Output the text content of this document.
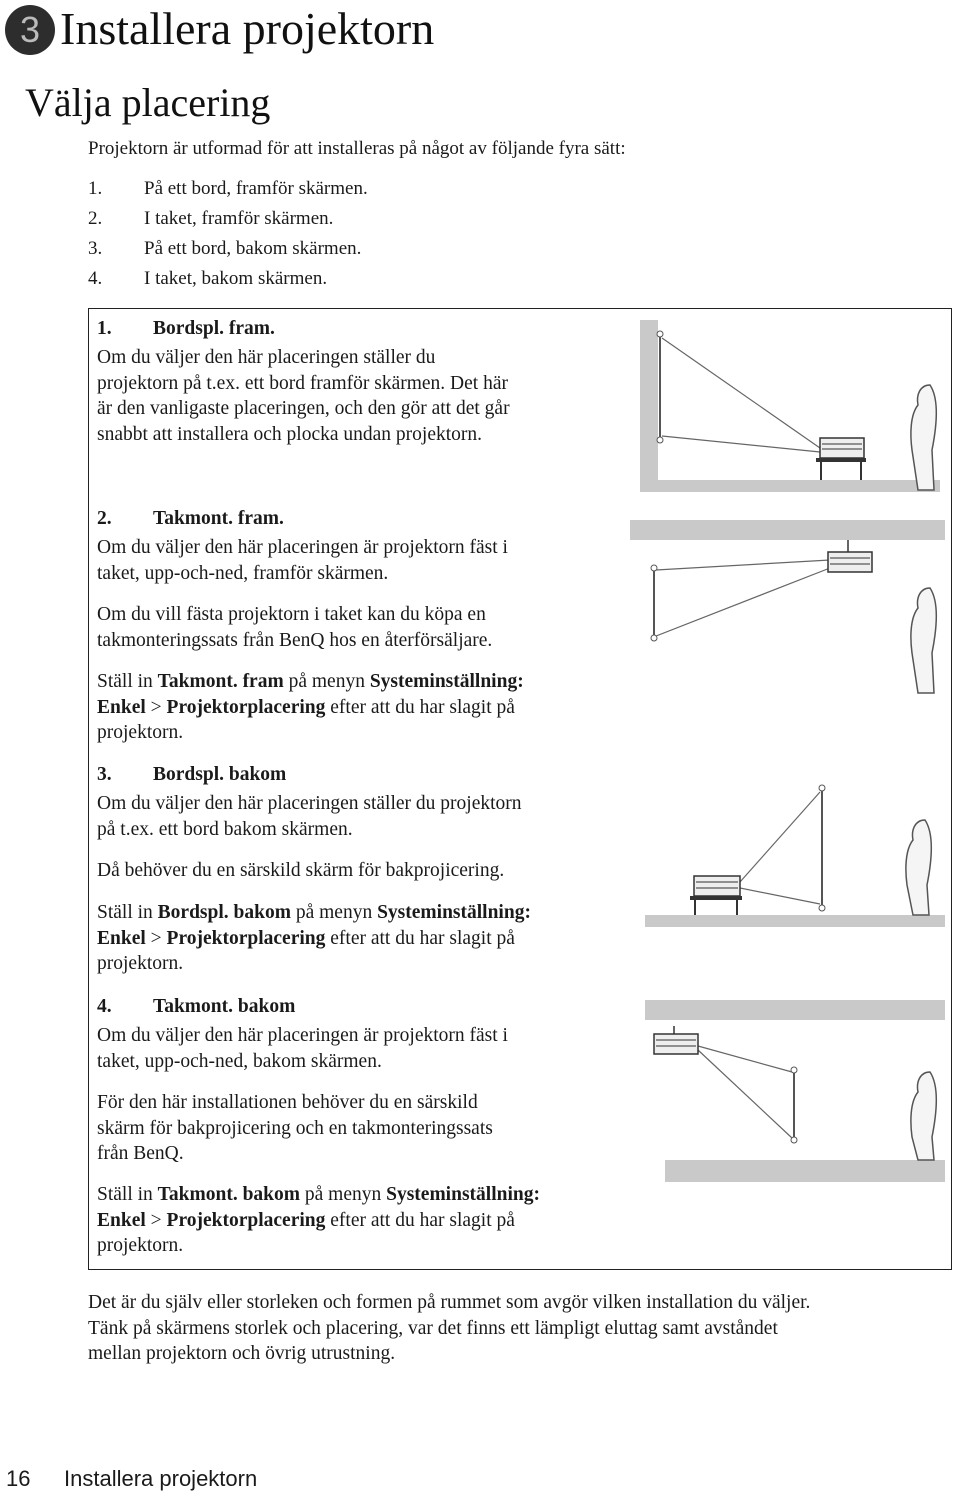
3 Installera projektorn
Välja placering
Projektorn är utformad för att installeras på något av följande fyra sätt:
1. På ett bord, framför skärmen.
2. I taket, framför skärmen.
3. På ett bord, bakom skärmen.
4. I taket, bakom skärmen.
1. Bordspl. fram.
Om du väljer den här placeringen ställer du
projektorn på t.ex. ett bord framför skärmen. Det här
är den vanligaste placeringen, och den gör att det går
snabbt att installera och plocka undan projektorn.
2. Takmont. fram.
Om du väljer den här placeringen är projektorn fäst i
taket, upp-och-ned, framför skärmen.
Om du vill fästa projektorn i taket kan du köpa en
takmonteringssats från BenQ hos en återförsäljare.
Ställ in Takmont. fram på menyn Systeminställning:
Enkel > Projektorplacering efter att du har slagit på
projektorn.
3. Bordspl. bakom
Om du väljer den här placeringen ställer du projektorn
på t.ex. ett bord bakom skärmen.
Då behöver du en särskild skärm för bakprojicering.
Ställ in Bordspl. bakom på menyn Systeminställning:
Enkel > Projektorplacering efter att du har slagit på
projektorn.
4. Takmont. bakom
Om du väljer den här placeringen är projektorn fäst i
taket, upp-och-ned, bakom skärmen.
För den här installationen behöver du en särskild
skärm för bakprojicering och en takmonteringssats
från BenQ.
Ställ in Takmont. bakom på menyn Systeminställning:
Enkel > Projektorplacering efter att du har slagit på
projektorn.
Det är du själv eller storleken och formen på rummet som avgör vilken installation du väljer.
Tänk på skärmens storlek och placering, var det finns ett lämpligt eluttag samt avståndet
mellan projektorn och övrig utrustning.
16 Installera projektorn
